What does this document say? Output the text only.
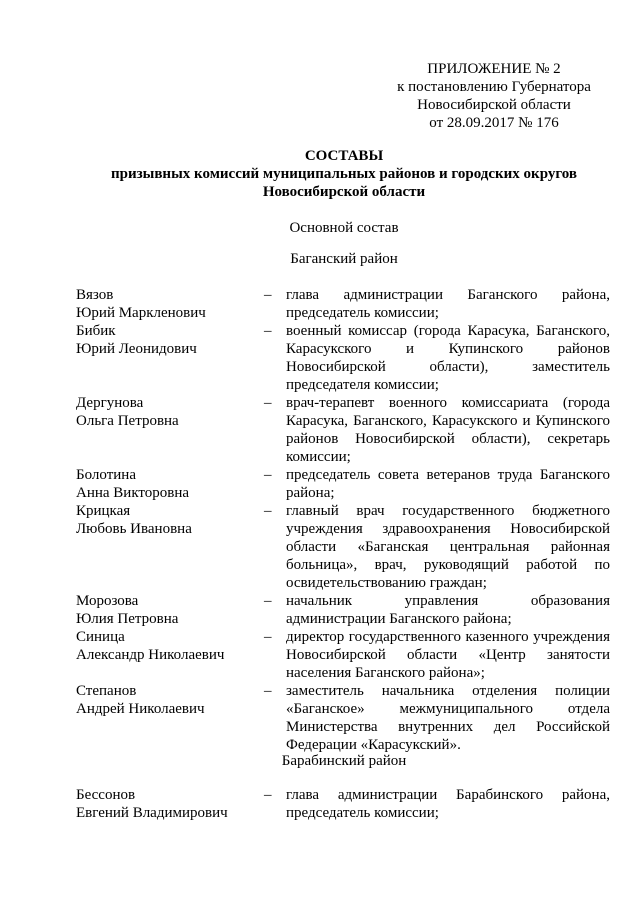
ПРИЛОЖЕНИЕ № 2
к постановлению Губернатора
Новосибирской области
от 28.09.2017 № 176
СОСТАВЫ
призывных комиссий муниципальных районов и городских округов
Новосибирской области
Основной состав
Баганский район
Вязов
Юрий Маркленович
– глава администрации Баганского района, председатель комиссии;
Бибик
Юрий Леонидович
– военный комиссар (города Карасука, Баганского, Карасукского и Купинского районов Новосибирской области), заместитель председателя комиссии;
Дергунова
Ольга Петровна
– врач-терапевт военного комиссариата (города Карасука, Баганского, Карасукского и Купинского районов Новосибирской области), секретарь комиссии;
Болотина
Анна Викторовна
– председатель совета ветеранов труда Баганского района;
Крицкая
Любовь Ивановна
– главный врач государственного бюджетного учреждения здравоохранения Новосибирской области «Баганская центральная районная больница», врач, руководящий работой по освидетельствованию граждан;
Морозова
Юлия Петровна
– начальник управления образования администрации Баганского района;
Синица
Александр Николаевич
– директор государственного казенного учреждения Новосибирской области «Центр занятости населения Баганского района»;
Степанов
Андрей Николаевич
– заместитель начальника отделения полиции «Баганское» межмуниципального отдела Министерства внутренних дел Российской Федерации «Карасукский».
Барабинский район
Бессонов
Евгений Владимирович
– глава администрации Барабинского района, председатель комиссии;
